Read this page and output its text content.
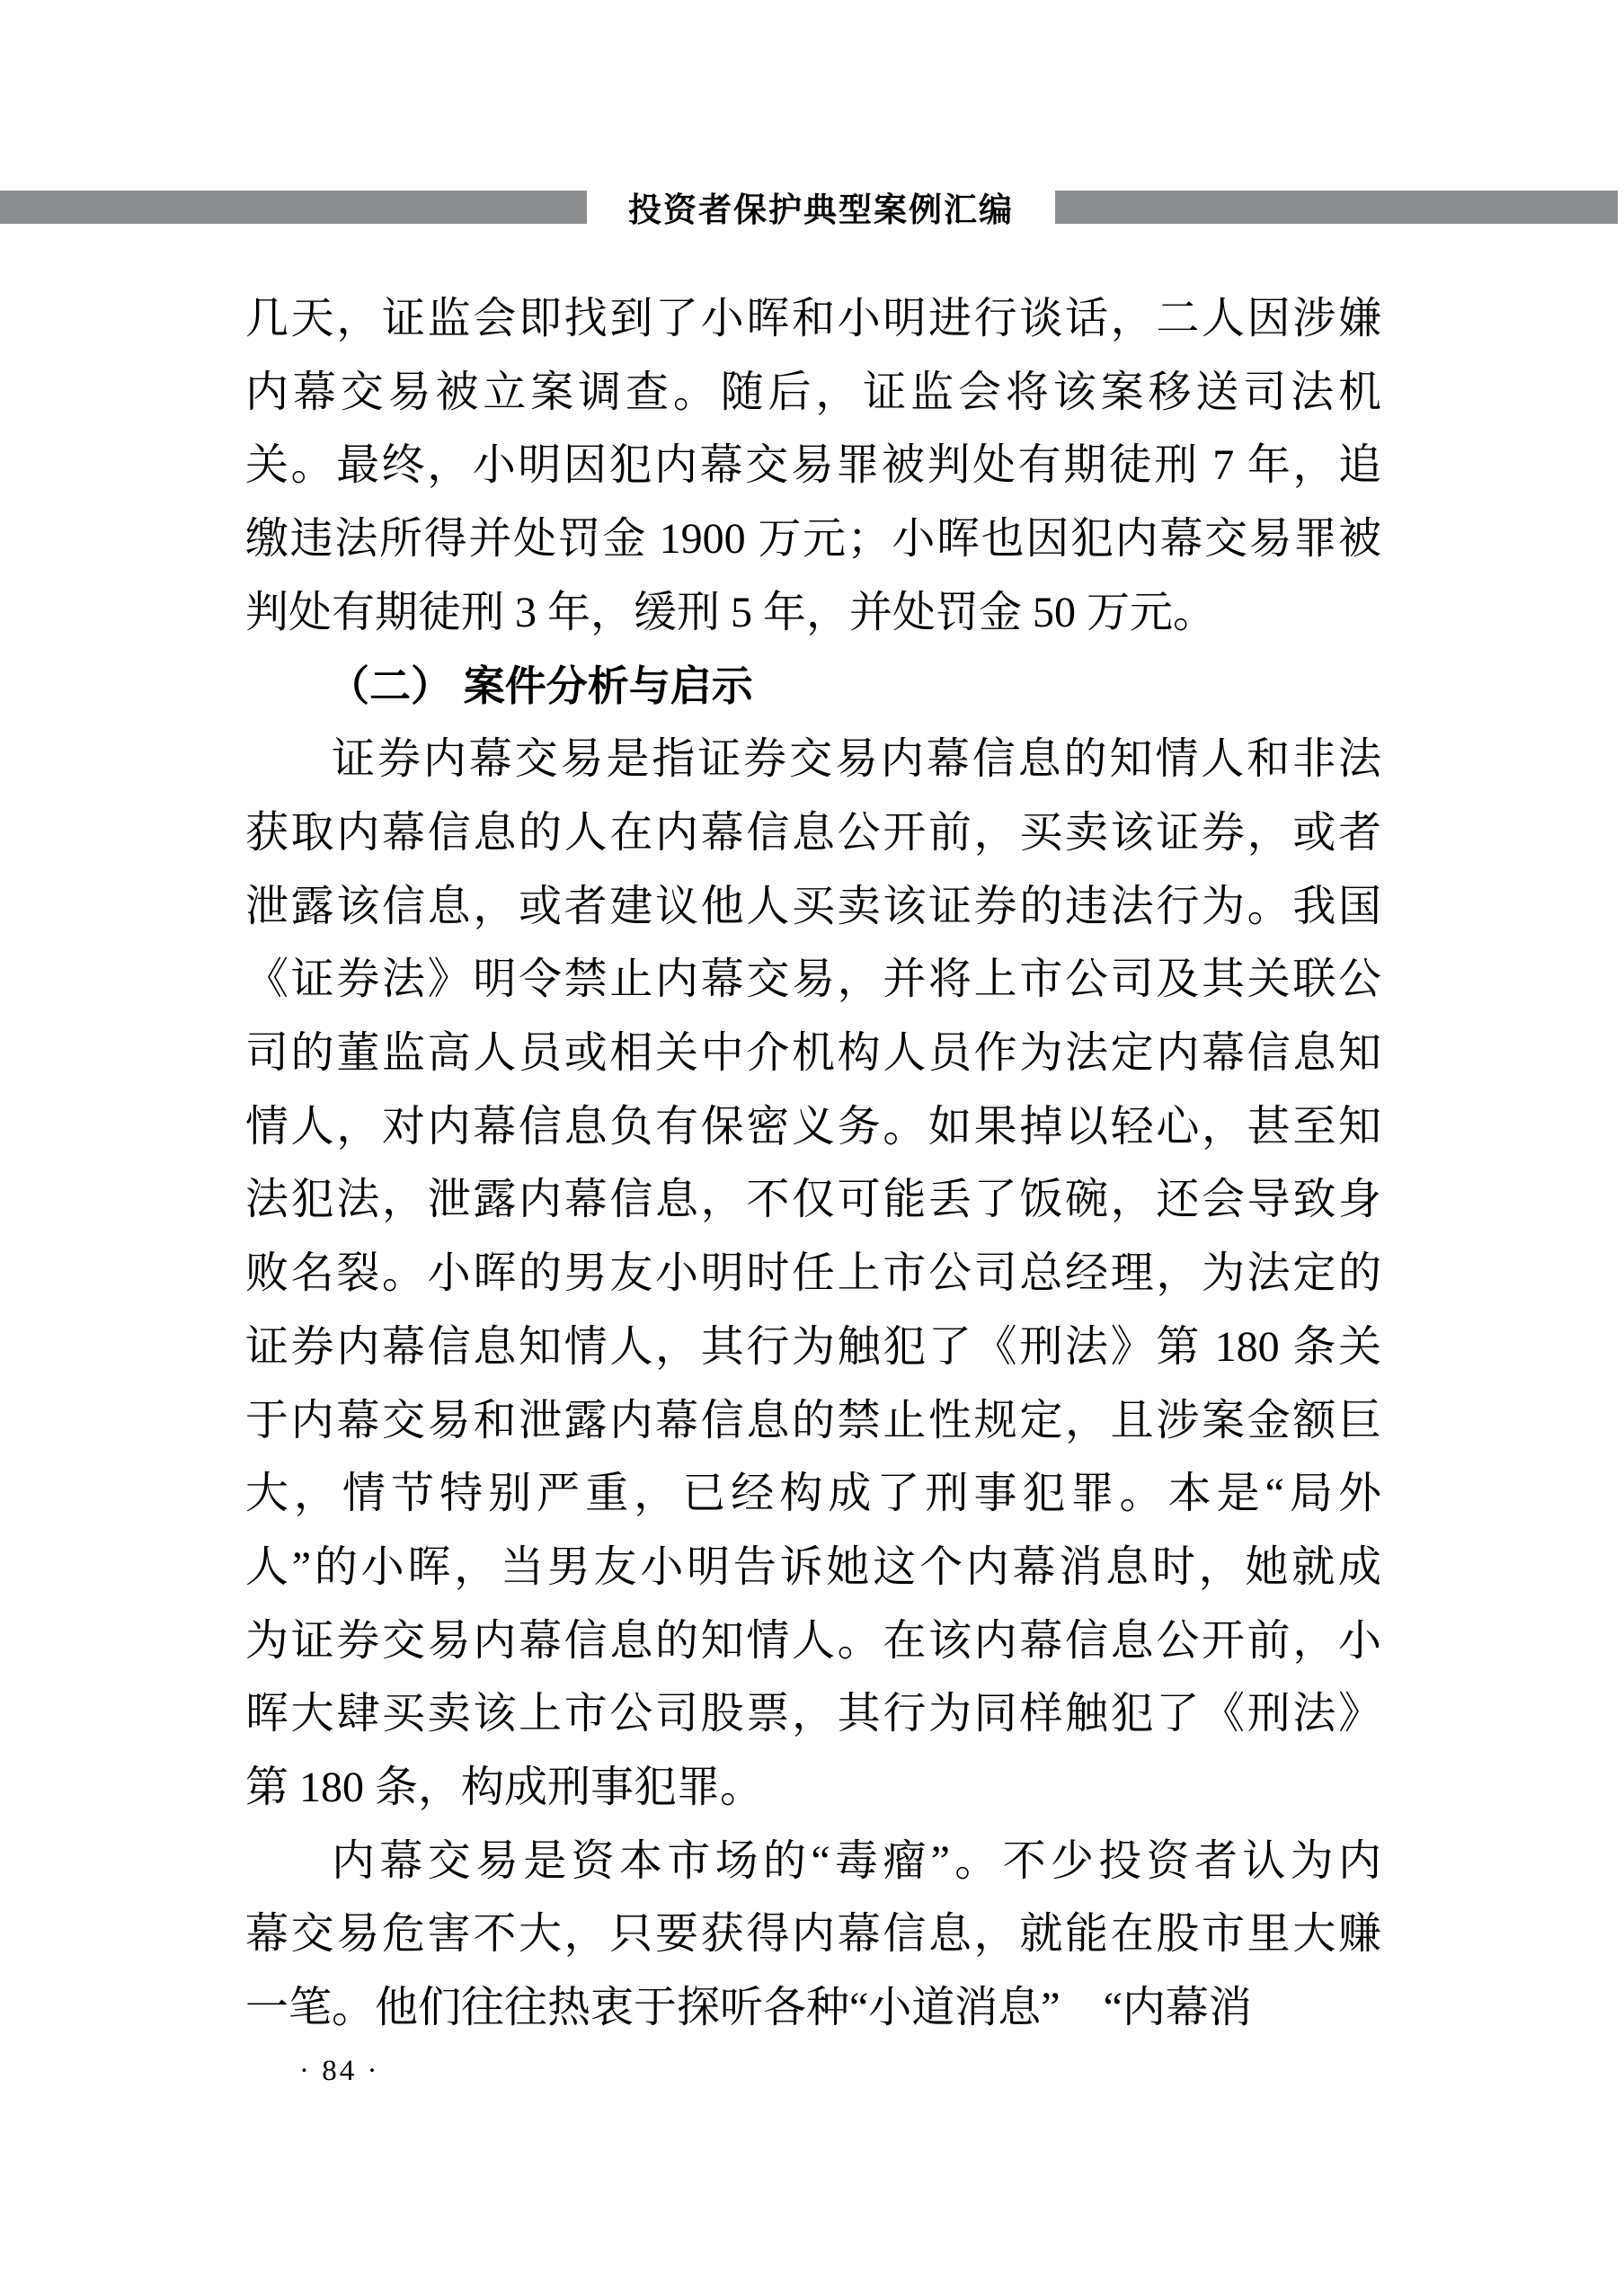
投资者保护典型案例汇编
几天，证监会即找到了小晖和小明进行谈话，二人因涉嫌
内幕交易被立案调查。随后，证监会将该案移送司法机
关。最终，小明因犯内幕交易罪被判处有期徒刑 7 年，追
缴违法所得并处罚金 1900 万元；小晖也因犯内幕交易罪被
判处有期徒刑 3 年，缓刑 5 年，并处罚金 50 万元。
（二） 案件分析与启示
证券内幕交易是指证券交易内幕信息的知情人和非法
获取内幕信息的人在内幕信息公开前，买卖该证券，或者
泄露该信息，或者建议他人买卖该证券的违法行为。我国
《证券法》明令禁止内幕交易，并将上市公司及其关联公
司的董监高人员或相关中介机构人员作为法定内幕信息知
情人，对内幕信息负有保密义务。如果掉以轻心，甚至知
法犯法，泄露内幕信息，不仅可能丢了饭碗，还会导致身
败名裂。小晖的男友小明时任上市公司总经理，为法定的
证券内幕信息知情人，其行为触犯了《刑法》第 180 条关
于内幕交易和泄露内幕信息的禁止性规定，且涉案金额巨
大，情节特别严重，已经构成了刑事犯罪。本是“局外
人”的小晖，当男友小明告诉她这个内幕消息时，她就成
为证券交易内幕信息的知情人。在该内幕信息公开前，小
晖大肆买卖该上市公司股票，其行为同样触犯了《刑法》
第 180 条，构成刑事犯罪。
内幕交易是资本市场的“毒瘤”。不少投资者认为内
幕交易危害不大，只要获得内幕信息，就能在股市里大赚
一笔。他们往往热衷于探听各种“小道消息”　“内幕消
· 84 ·
